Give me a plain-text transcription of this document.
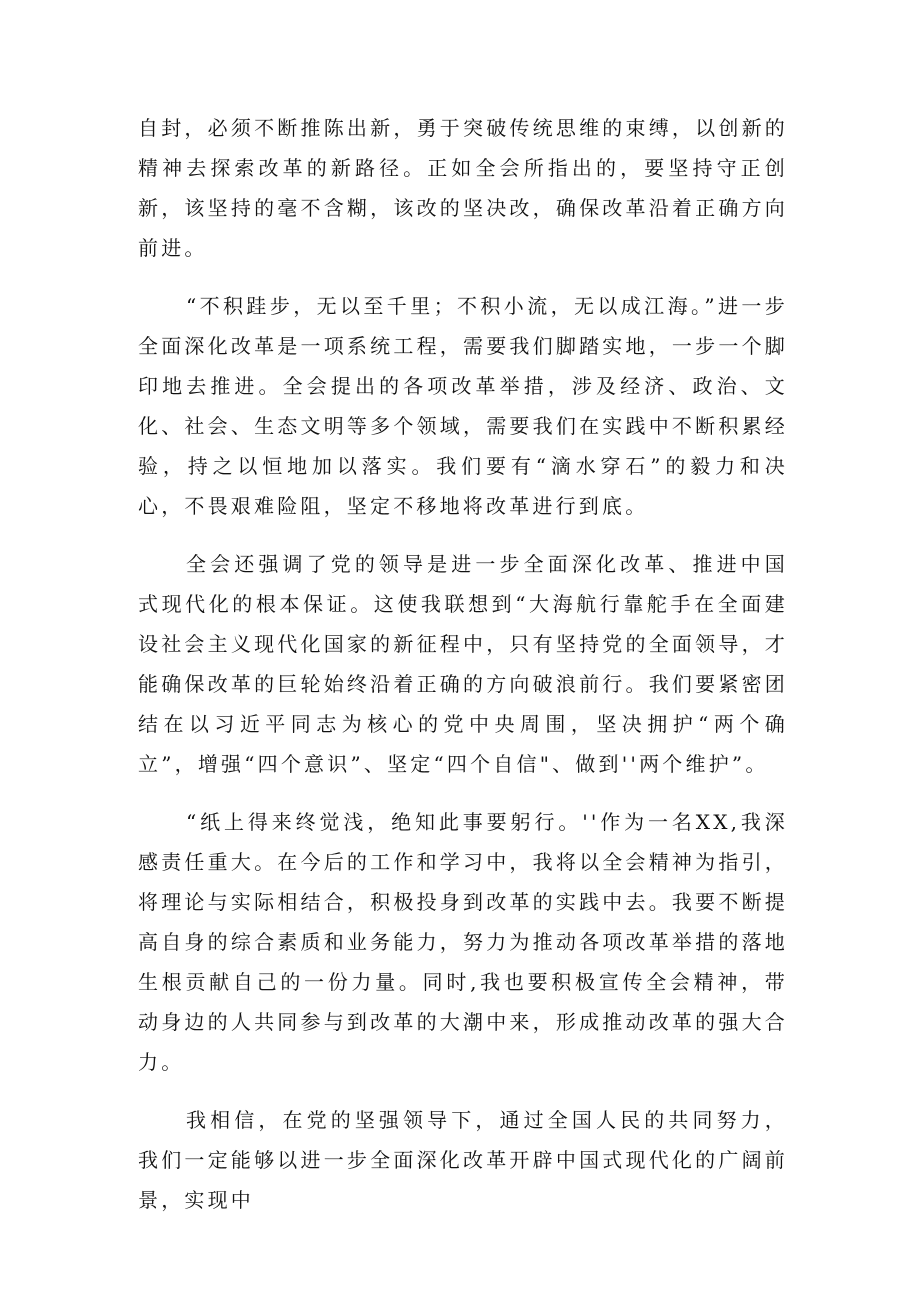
自封，必须不断推陈出新，勇于突破传统思维的束缚，以创新的精神去探索改革的新路径。正如全会所指出的，要坚持守正创新，该坚持的毫不含糊，该改的坚决改，确保改革沿着正确方向前进。

“不积跬步，无以至千里；不积小流，无以成江海。”进一步全面深化改革是一项系统工程，需要我们脚踏实地，一步一个脚印地去推进。全会提出的各项改革举措，涉及经济、政治、文化、社会、生态文明等多个领域，需要我们在实践中不断积累经验，持之以恒地加以落实。我们要有“滴水穿石”的毅力和决心，不畏艰难险阻，坚定不移地将改革进行到底。

全会还强调了党的领导是进一步全面深化改革、推进中国式现代化的根本保证。这使我联想到“大海航行靠舵手在全面建设社会主义现代化国家的新征程中，只有坚持党的全面领导，才能确保改革的巨轮始终沿着正确的方向破浪前行。我们要紧密团结在以习近平同志为核心的党中央周围，坚决拥护“两个确立”，增强“四个意识”、坚定“四个自信"、做到''两个维护”。

“纸上得来终觉浅，绝知此事要躬行。''作为一名XX,我深感责任重大。在今后的工作和学习中，我将以全会精神为指引，将理论与实际相结合，积极投身到改革的实践中去。我要不断提高自身的综合素质和业务能力，努力为推动各项改革举措的落地生根贡献自己的一份力量。同时,我也要积极宣传全会精神，带动身边的人共同参与到改革的大潮中来，形成推动改革的强大合力。

我相信，在党的坚强领导下，通过全国人民的共同努力，我们一定能够以进一步全面深化改革开辟中国式现代化的广阔前景，实现中
